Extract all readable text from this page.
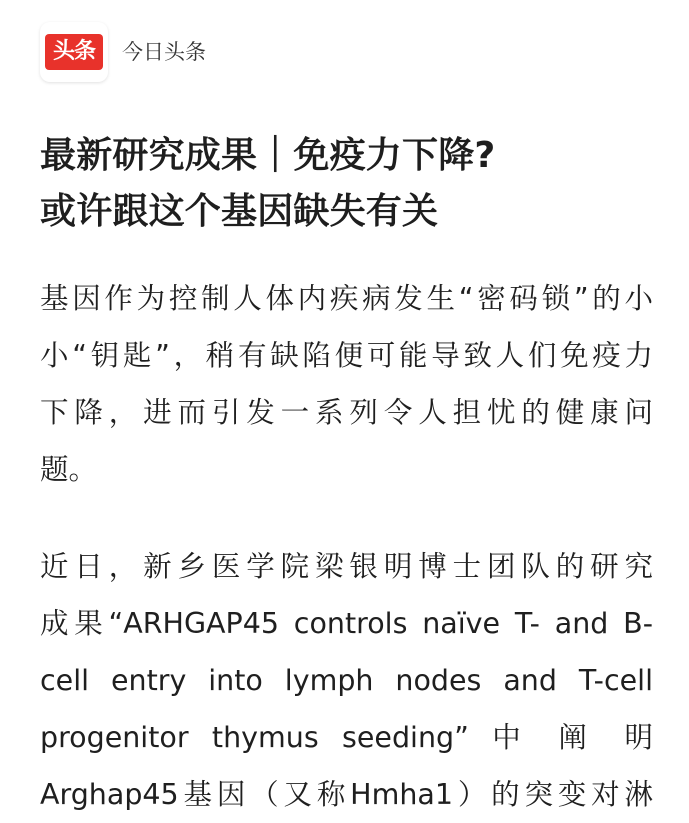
头条	今日头条
最新研究成果｜免疫力下降?
或许跟这个基因缺失有关
基因作为控制人体内疾病发生“密码锁”的小
小“钥匙”，稍有缺陷便可能导致人们免疫力
下降，进而引发一系列令人担忧的健康问
题。
近日，新乡医学院梁银明博士团队的研究
成果“ARHGAP45 controls naïve T- and B-
cell entry into lymph nodes and T-cell
progenitor thymus seeding” 中 阐 明
Arghap45基因（又称Hmha1）的突变对淋
